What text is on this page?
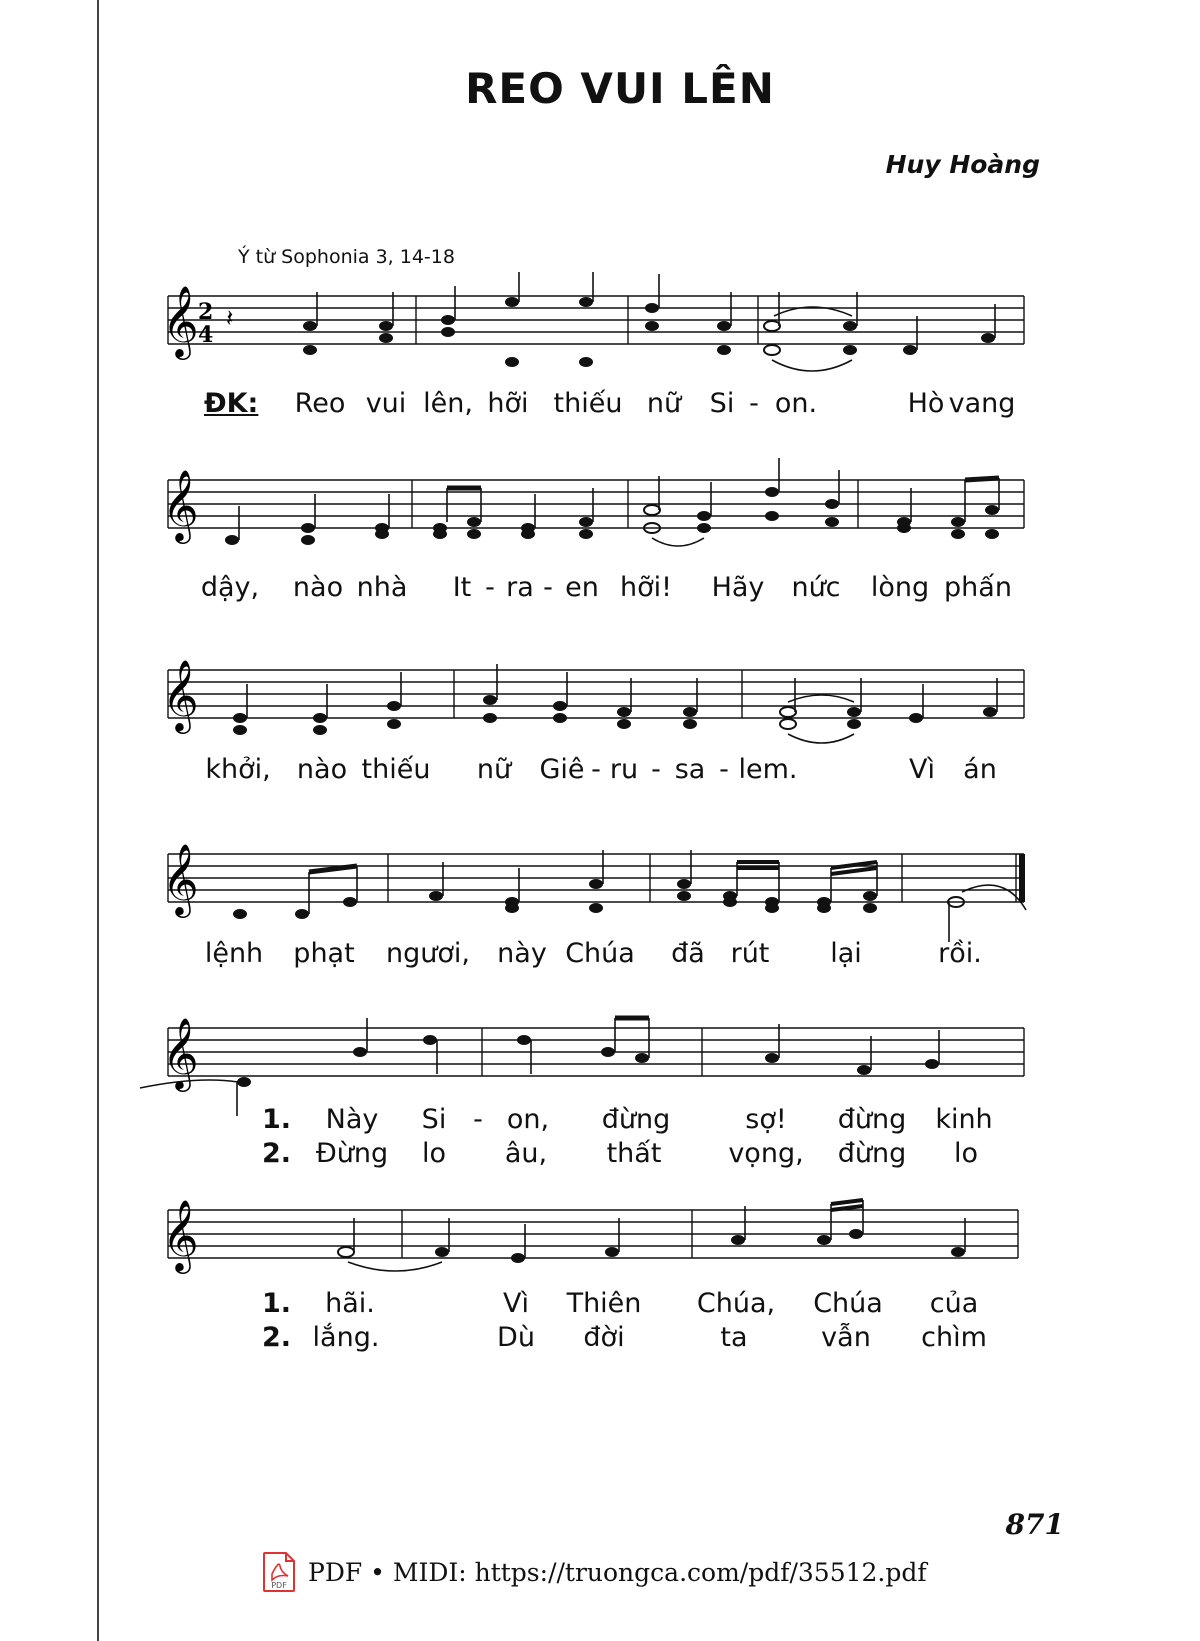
REO VUI LÊN
Huy Hoàng
Ý từ Sophonia 3, 14-18
𝄞 2
4
𝄽
ĐK: Reo vui lên, hỡi thiếu nữ Si - on.	Hò vang
𝄞
dậy, nào nhà It - ra - en hỡi! Hãy nức lòng phấn
𝄞
khởi, nào thiếu nữ Giê - ru - sa - lem.	Vì án
𝄞
lệnh phạt ngươi, này Chúa đã rút lại	rồi.
𝄞
1. Này Si - on, đừng	sợ! đừng kinh
2. Đừng lo âu, thất vọng, đừng lo
𝄞
1. hãi.	Vì Thiên Chúa, Chúa của
2. lắng.	Dù đời	ta	vẫn chìm
871
PDF PDF • MIDI: https://truongca.com/pdf/35512.pdf
